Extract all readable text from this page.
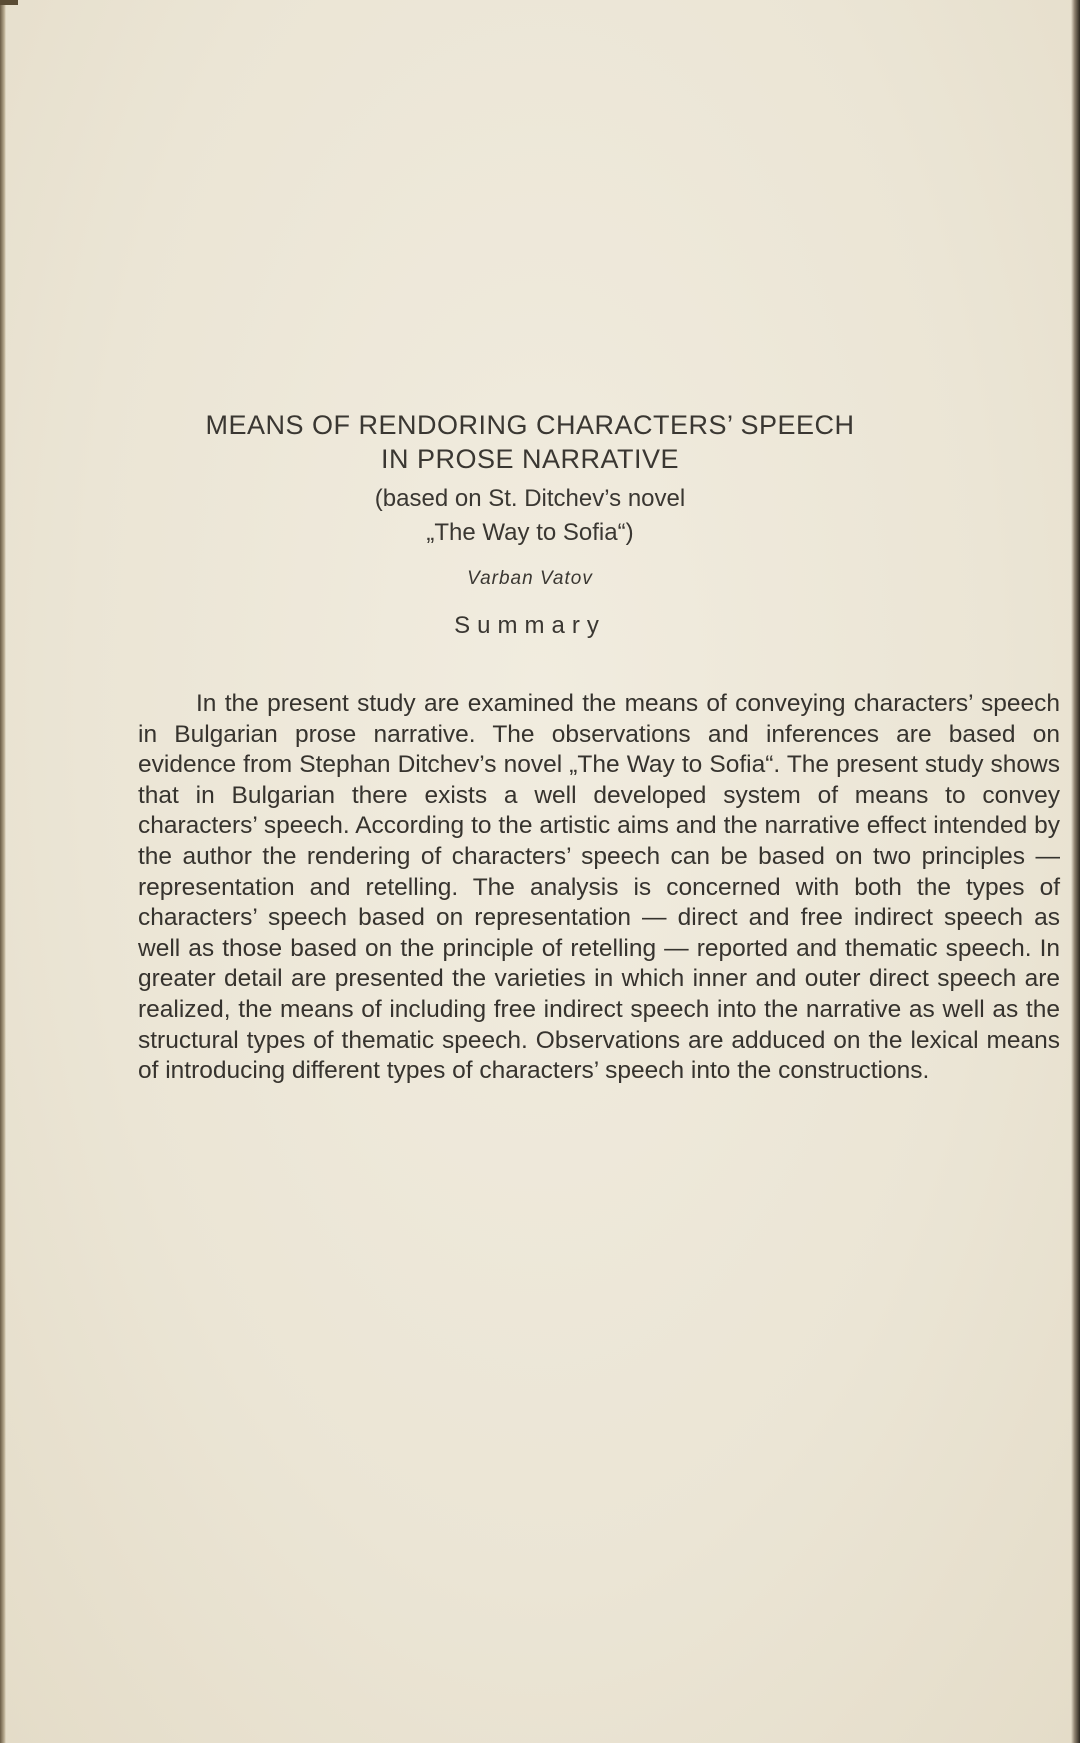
MEANS OF RENDORING CHARACTERS’ SPEECH
IN PROSE NARRATIVE
(based on St. Ditchev’s novel
„The Way to Sofia“)
Varban Vatov
Summary

In the present study are examined the means of conveying characters’ speech in Bulgarian prose narrative. The observations and inferences are based on evidence from Stephan Ditchev’s novel „The Way to Sofia“. The present study shows that in Bulgarian there exists a well developed system of means to convey characters’ speech. According to the artistic aims and the narrative effect intended by the author the rendering of characters’ speech can be based on two principles — representation and retelling. The analysis is concerned with both the types of characters’ speech based on representation — direct and free indirect speech as well as those based on the principle of retelling — reported and thematic speech. In greater detail are presented the varieties in which inner and outer direct speech are realized, the means of including free indirect speech into the narrative as well as the structural types of thematic speech. Observations are adduced on the lexical means of introducing different types of characters’ speech into the constructions.
